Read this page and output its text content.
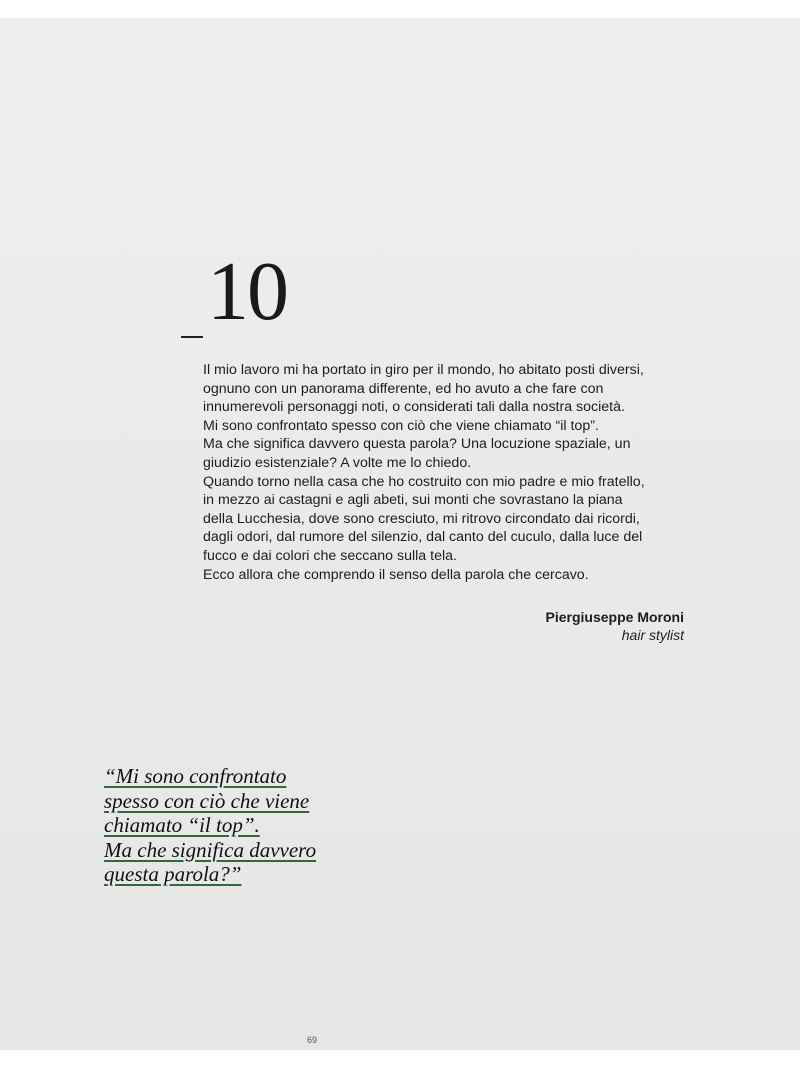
10

Il mio lavoro mi ha portato in giro per il mondo, ho abitato posti diversi,

ognuno con un panorama differente, ed ho avuto a che fare con

innumerevoli personaggi noti, o considerati tali dalla nostra società.

Mi sono confrontato spesso con ciò che viene chiamato “il top”.

Ma che significa davvero questa parola? Una locuzione spaziale, un

giudizio esistenziale? A volte me lo chiedo.

Quando torno nella casa che ho costruito con mio padre e mio fratello,

in mezzo ai castagni e agli abeti, sui monti che sovrastano la piana

della Lucchesia, dove sono cresciuto, mi ritrovo circondato dai ricordi,

dagli odori, dal rumore del silenzio, dal canto del cuculo, dalla luce del

fucco e dai colori che seccano sulla tela.

Ecco allora che comprendo il senso della parola che cercavo.

Piergiuseppe Moroni
hair stylist

“Mi sono confrontato

spesso con ciò che viene

chiamato “il top”.

Ma che significa davvero

questa parola?”

69
